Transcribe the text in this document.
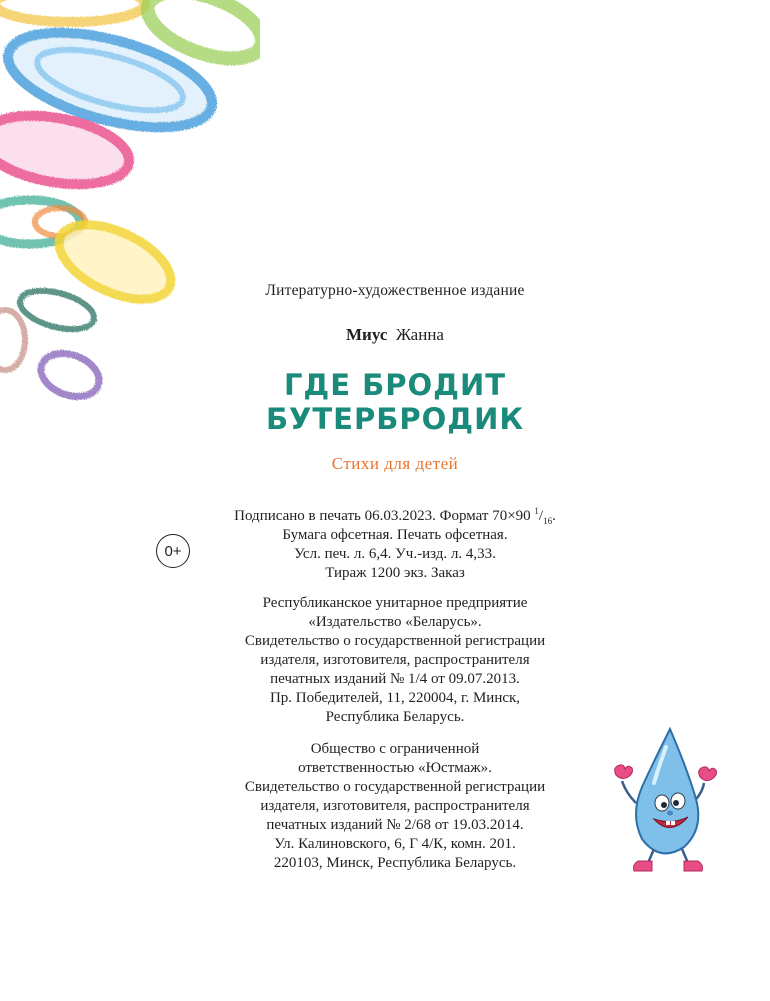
Литературно-художественное издание
Миус Жанна
ГДЕ БРОДИТ
БУТЕРБРОДИК
Стихи для детей
0+
Подписано в печать 06.03.2023. Формат 70×90 $^1/_{16}$.
Бумага офсетная. Печать офсетная.
Усл. печ. л. 6,4. Уч.-изд. л. 4,33.
Тираж 1200 экз. Заказ
Республиканское унитарное предприятие
«Издательство «Беларусь».
Свидетельство о государственной регистрации
издателя, изготовителя, распространителя
печатных изданий № 1/4 от 09.07.2013.
Пр. Победителей, 11, 220004, г. Минск,
Республика Беларусь.
Общество с ограниченной
ответственностью «Юстмаж».
Свидетельство о государственной регистрации
издателя, изготовителя, распространителя
печатных изданий № 2/68 от 19.03.2014.
Ул. Калиновского, 6, Г 4/К, комн. 201.
220103, Минск, Республика Беларусь.
